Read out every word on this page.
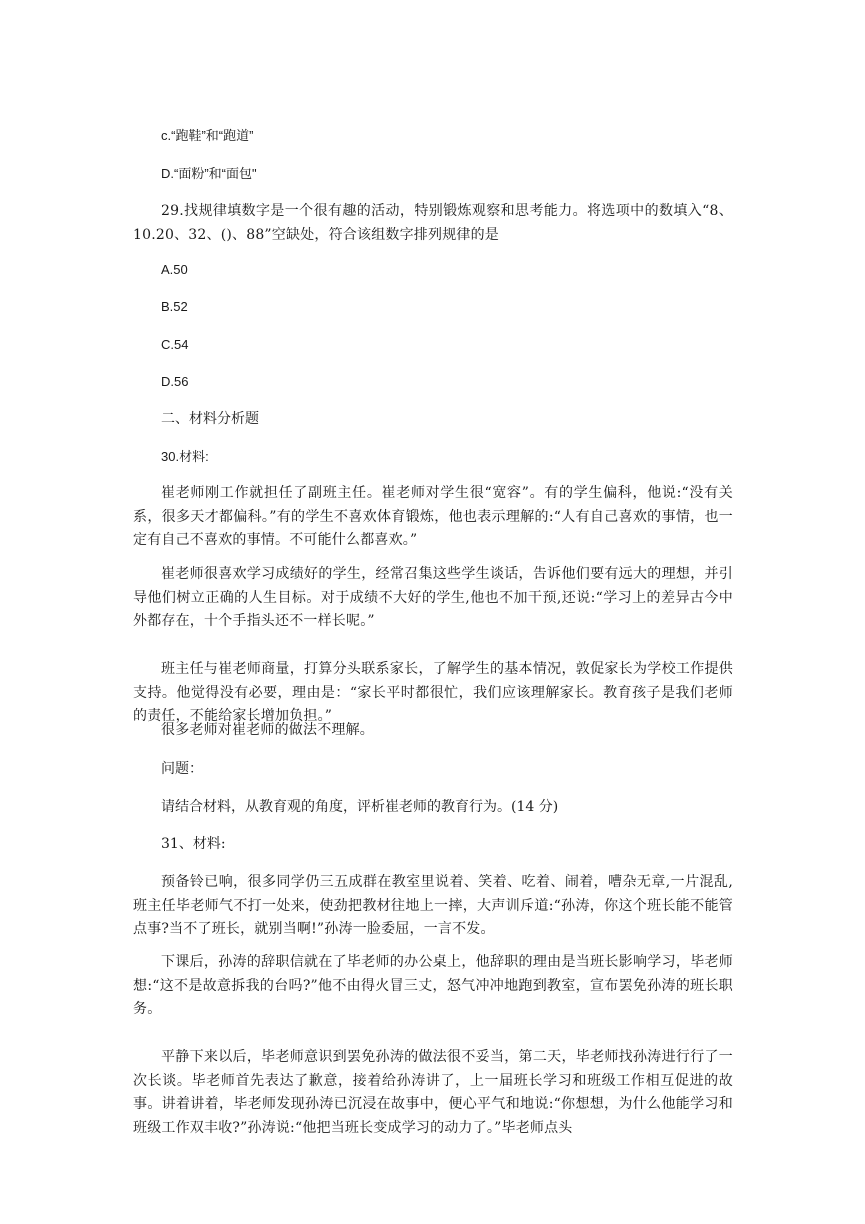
c.“跑鞋”和“跑道”
D.“面粉”和“面包"
29.找规律填数字是一个很有趣的活动，特别锻炼观察和思考能力。将选项中的数填入“8、10.20、32、()、88”空缺处，符合该组数字排列规律的是
A.50
B.52
C.54
D.56
二、材料分析题
30.材料:
崔老师刚工作就担任了副班主任。崔老师对学生很“宽容”。有的学生偏科，他说:“没有关系，很多天才都偏科。”有的学生不喜欢体育锻炼，他也表示理解的:“人有自己喜欢的事情，也一定有自己不喜欢的事情。不可能什么都喜欢。”
崔老师很喜欢学习成绩好的学生，经常召集这些学生谈话，告诉他们要有远大的理想，并引导他们树立正确的人生目标。对于成绩不大好的学生,他也不加干预,还说:“学习上的差异古今中外都存在，十个手指头还不一样长呢。”
班主任与崔老师商量，打算分头联系家长，了解学生的基本情况，敦促家长为学校工作提供支持。他觉得没有必要，理由是：“家长平时都很忙，我们应该理解家长。教育孩子是我们老师的责任，不能给家长增加负担。”
很多老师对崔老师的做法不理解。
问题：
请结合材料，从教育观的角度，评析崔老师的教育行为。(14 分)
31、材料:
预备铃已响，很多同学仍三五成群在教室里说着、笑着、吃着、闹着，嘈杂无章,一片混乱,班主任毕老师气不打一处来，使劲把教材往地上一摔，大声训斥道:“孙涛，你这个班长能不能管点事?当不了班长，就别当啊!”孙涛一脸委屈，一言不发。
下课后，孙涛的辞职信就在了毕老师的办公桌上，他辞职的理由是当班长影响学习，毕老师想:“这不是故意拆我的台吗?”他不由得火冒三丈，怒气冲冲地跑到教室，宣布罢免孙涛的班长职务。
平静下来以后，毕老师意识到罢免孙涛的做法很不妥当，第二天，毕老师找孙涛进行行了一次长谈。毕老师首先表达了歉意，接着给孙涛讲了，上一届班长学习和班级工作相互促进的故事。讲着讲着，毕老师发现孙涛已沉浸在故事中，便心平气和地说:“你想想，为什么他能学习和班级工作双丰收?”孙涛说:“他把当班长变成学习的动力了。”毕老师点头
